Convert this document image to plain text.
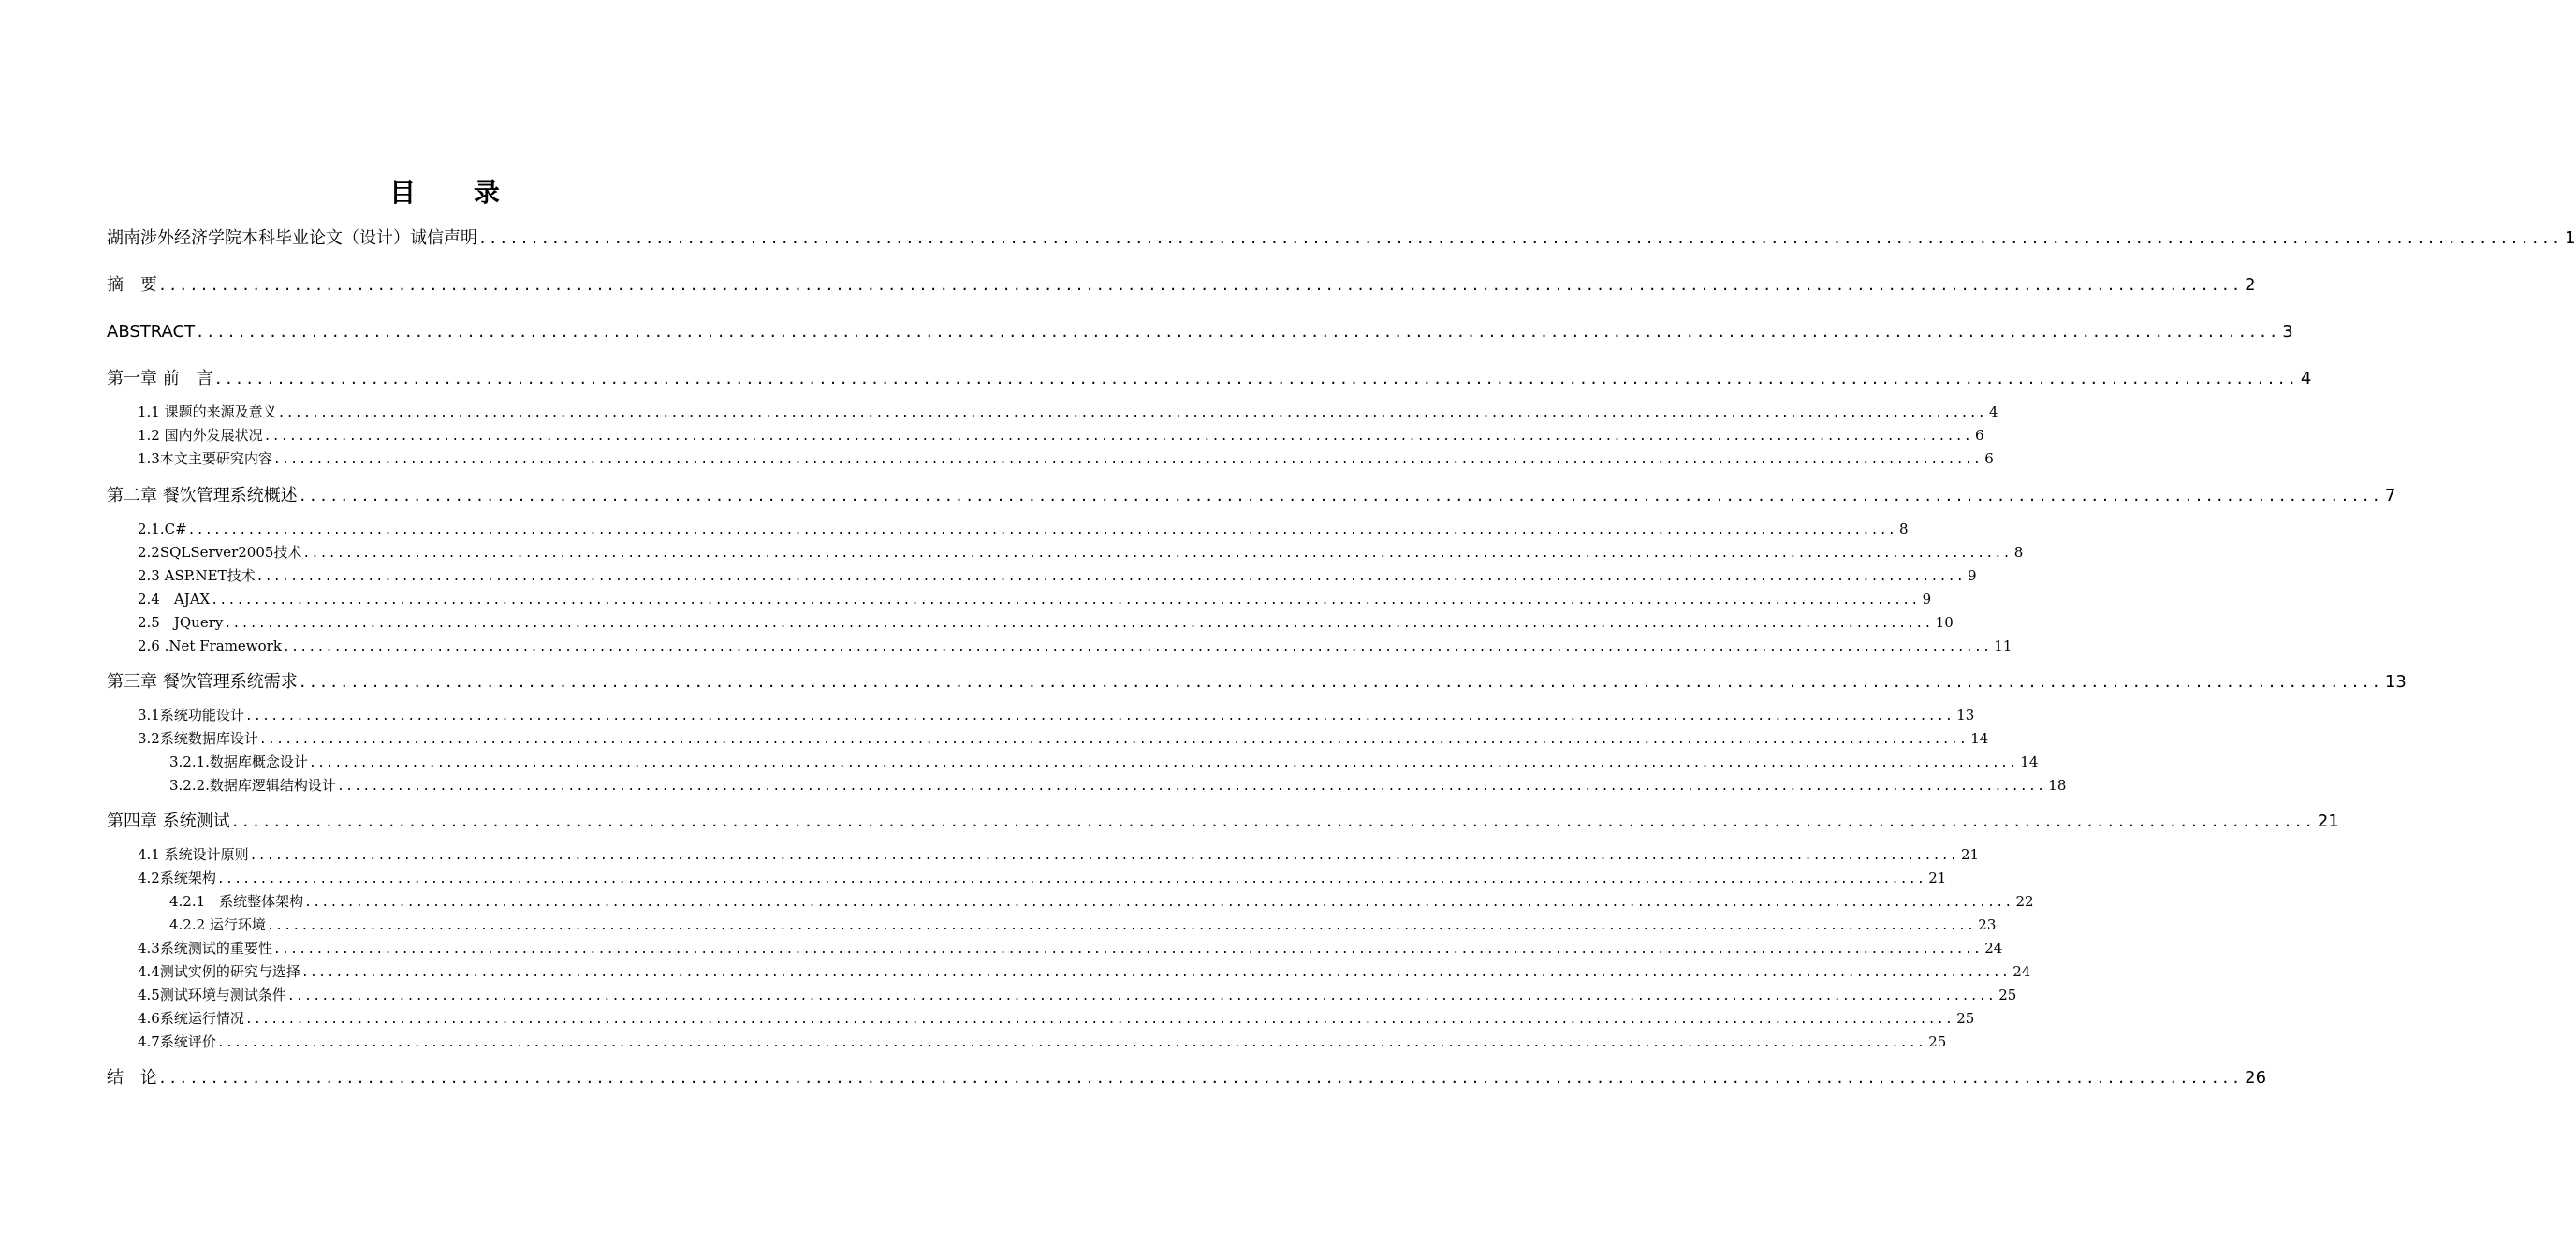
目 录
湖南涉外经济学院本科毕业论文（设计）诚信声明 ........................................................................................................................................................................................................ 1
摘　要 ........................................................................................................................................................................................................ 2
ABSTRACT ........................................................................................................................................................................................................ 3
第一章 前　言 ........................................................................................................................................................................................................ 4
1.1 课题的来源及意义 ........................................................................................................................................................................................................ 4
1.2 国内外发展状况 ........................................................................................................................................................................................................ 6
1.3本文主要研究内容 ........................................................................................................................................................................................................ 6
第二章 餐饮管理系统概述 ........................................................................................................................................................................................................ 7
2.1.C# ........................................................................................................................................................................................................ 8
2.2SQLServer2005技术 ........................................................................................................................................................................................................ 8
2.3 ASP.NET技术 ........................................................................................................................................................................................................ 9
2.4　AJAX ........................................................................................................................................................................................................ 9
2.5　JQuery ........................................................................................................................................................................................................ 10
2.6 .Net Framework ........................................................................................................................................................................................................ 11
第三章 餐饮管理系统需求 ........................................................................................................................................................................................................ 13
3.1系统功能设计 ........................................................................................................................................................................................................ 13
3.2系统数据库设计 ........................................................................................................................................................................................................ 14
3.2.1.数据库概念设计 ........................................................................................................................................................................................................ 14
3.2.2.数据库逻辑结构设计 ........................................................................................................................................................................................................ 18
第四章 系统测试 ........................................................................................................................................................................................................ 21
4.1 系统设计原则 ........................................................................................................................................................................................................ 21
4.2系统架构 ........................................................................................................................................................................................................ 21
4.2.1　系统整体架构 ........................................................................................................................................................................................................ 22
4.2.2 运行环境 ........................................................................................................................................................................................................ 23
4.3系统测试的重要性 ........................................................................................................................................................................................................ 24
4.4测试实例的研究与选择 ........................................................................................................................................................................................................ 24
4.5测试环境与测试条件 ........................................................................................................................................................................................................ 25
4.6系统运行情况 ........................................................................................................................................................................................................ 25
4.7系统评价 ........................................................................................................................................................................................................ 25
结　论 ........................................................................................................................................................................................................ 26
